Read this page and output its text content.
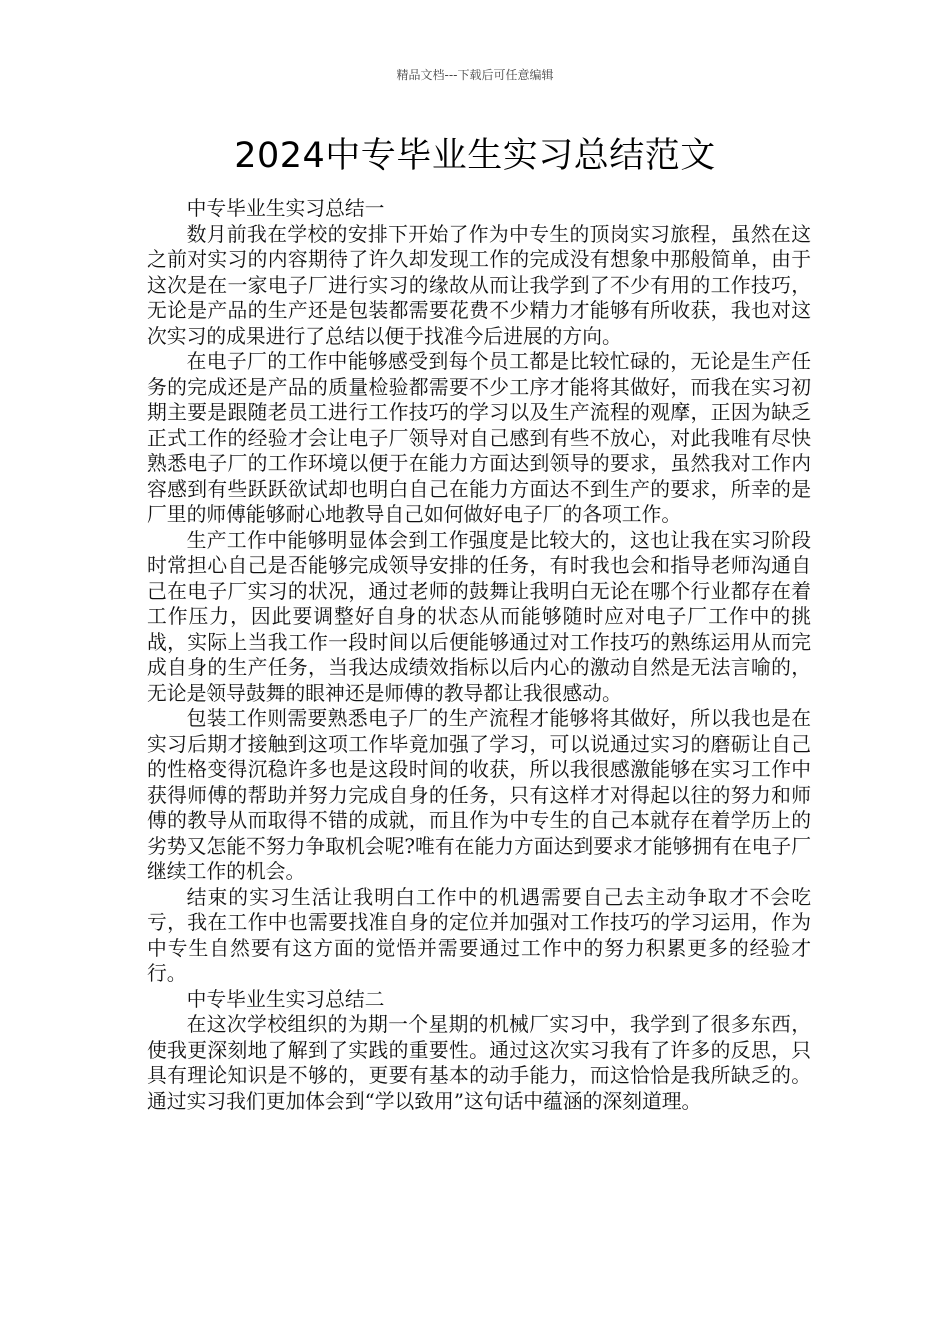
精品文档---下载后可任意编辑
2024中专毕业生实习总结范文

中专毕业生实习总结一

数月前我在学校的安排下开始了作为中专生的顶岗实习旅程，虽然在这之前对实习的内容期待了许久却发现工作的完成没有想象中那般简单，由于这次是在一家电子厂进行实习的缘故从而让我学到了不少有用的工作技巧，无论是产品的生产还是包装都需要花费不少精力才能够有所收获，我也对这次实习的成果进行了总结以便于找准今后进展的方向。

在电子厂的工作中能够感受到每个员工都是比较忙碌的，无论是生产任务的完成还是产品的质量检验都需要不少工序才能将其做好，而我在实习初期主要是跟随老员工进行工作技巧的学习以及生产流程的观摩，正因为缺乏正式工作的经验才会让电子厂领导对自己感到有些不放心，对此我唯有尽快熟悉电子厂的工作环境以便于在能力方面达到领导的要求，虽然我对工作内容感到有些跃跃欲试却也明白自己在能力方面达不到生产的要求，所幸的是厂里的师傅能够耐心地教导自己如何做好电子厂的各项工作。

生产工作中能够明显体会到工作强度是比较大的，这也让我在实习阶段时常担心自己是否能够完成领导安排的任务，有时我也会和指导老师沟通自己在电子厂实习的状况，通过老师的鼓舞让我明白无论在哪个行业都存在着工作压力，因此要调整好自身的状态从而能够随时应对电子厂工作中的挑战，实际上当我工作一段时间以后便能够通过对工作技巧的熟练运用从而完成自身的生产任务，当我达成绩效指标以后内心的激动自然是无法言喻的，无论是领导鼓舞的眼神还是师傅的教导都让我很感动。

包装工作则需要熟悉电子厂的生产流程才能够将其做好，所以我也是在实习后期才接触到这项工作毕竟加强了学习，可以说通过实习的磨砺让自己的性格变得沉稳许多也是这段时间的收获，所以我很感激能够在实习工作中获得师傅的帮助并努力完成自身的任务，只有这样才对得起以往的努力和师傅的教导从而取得不错的成就，而且作为中专生的自己本就存在着学历上的劣势又怎能不努力争取机会呢?唯有在能力方面达到要求才能够拥有在电子厂继续工作的机会。

结束的实习生活让我明白工作中的机遇需要自己去主动争取才不会吃亏，我在工作中也需要找准自身的定位并加强对工作技巧的学习运用，作为中专生自然要有这方面的觉悟并需要通过工作中的努力积累更多的经验才行。

中专毕业生实习总结二

在这次学校组织的为期一个星期的机械厂实习中，我学到了很多东西，使我更深刻地了解到了实践的重要性。通过这次实习我有了许多的反思，只具有理论知识是不够的，更要有基本的动手能力，而这恰恰是我所缺乏的。通过实习我们更加体会到“学以致用”这句话中蕴涵的深刻道理。
